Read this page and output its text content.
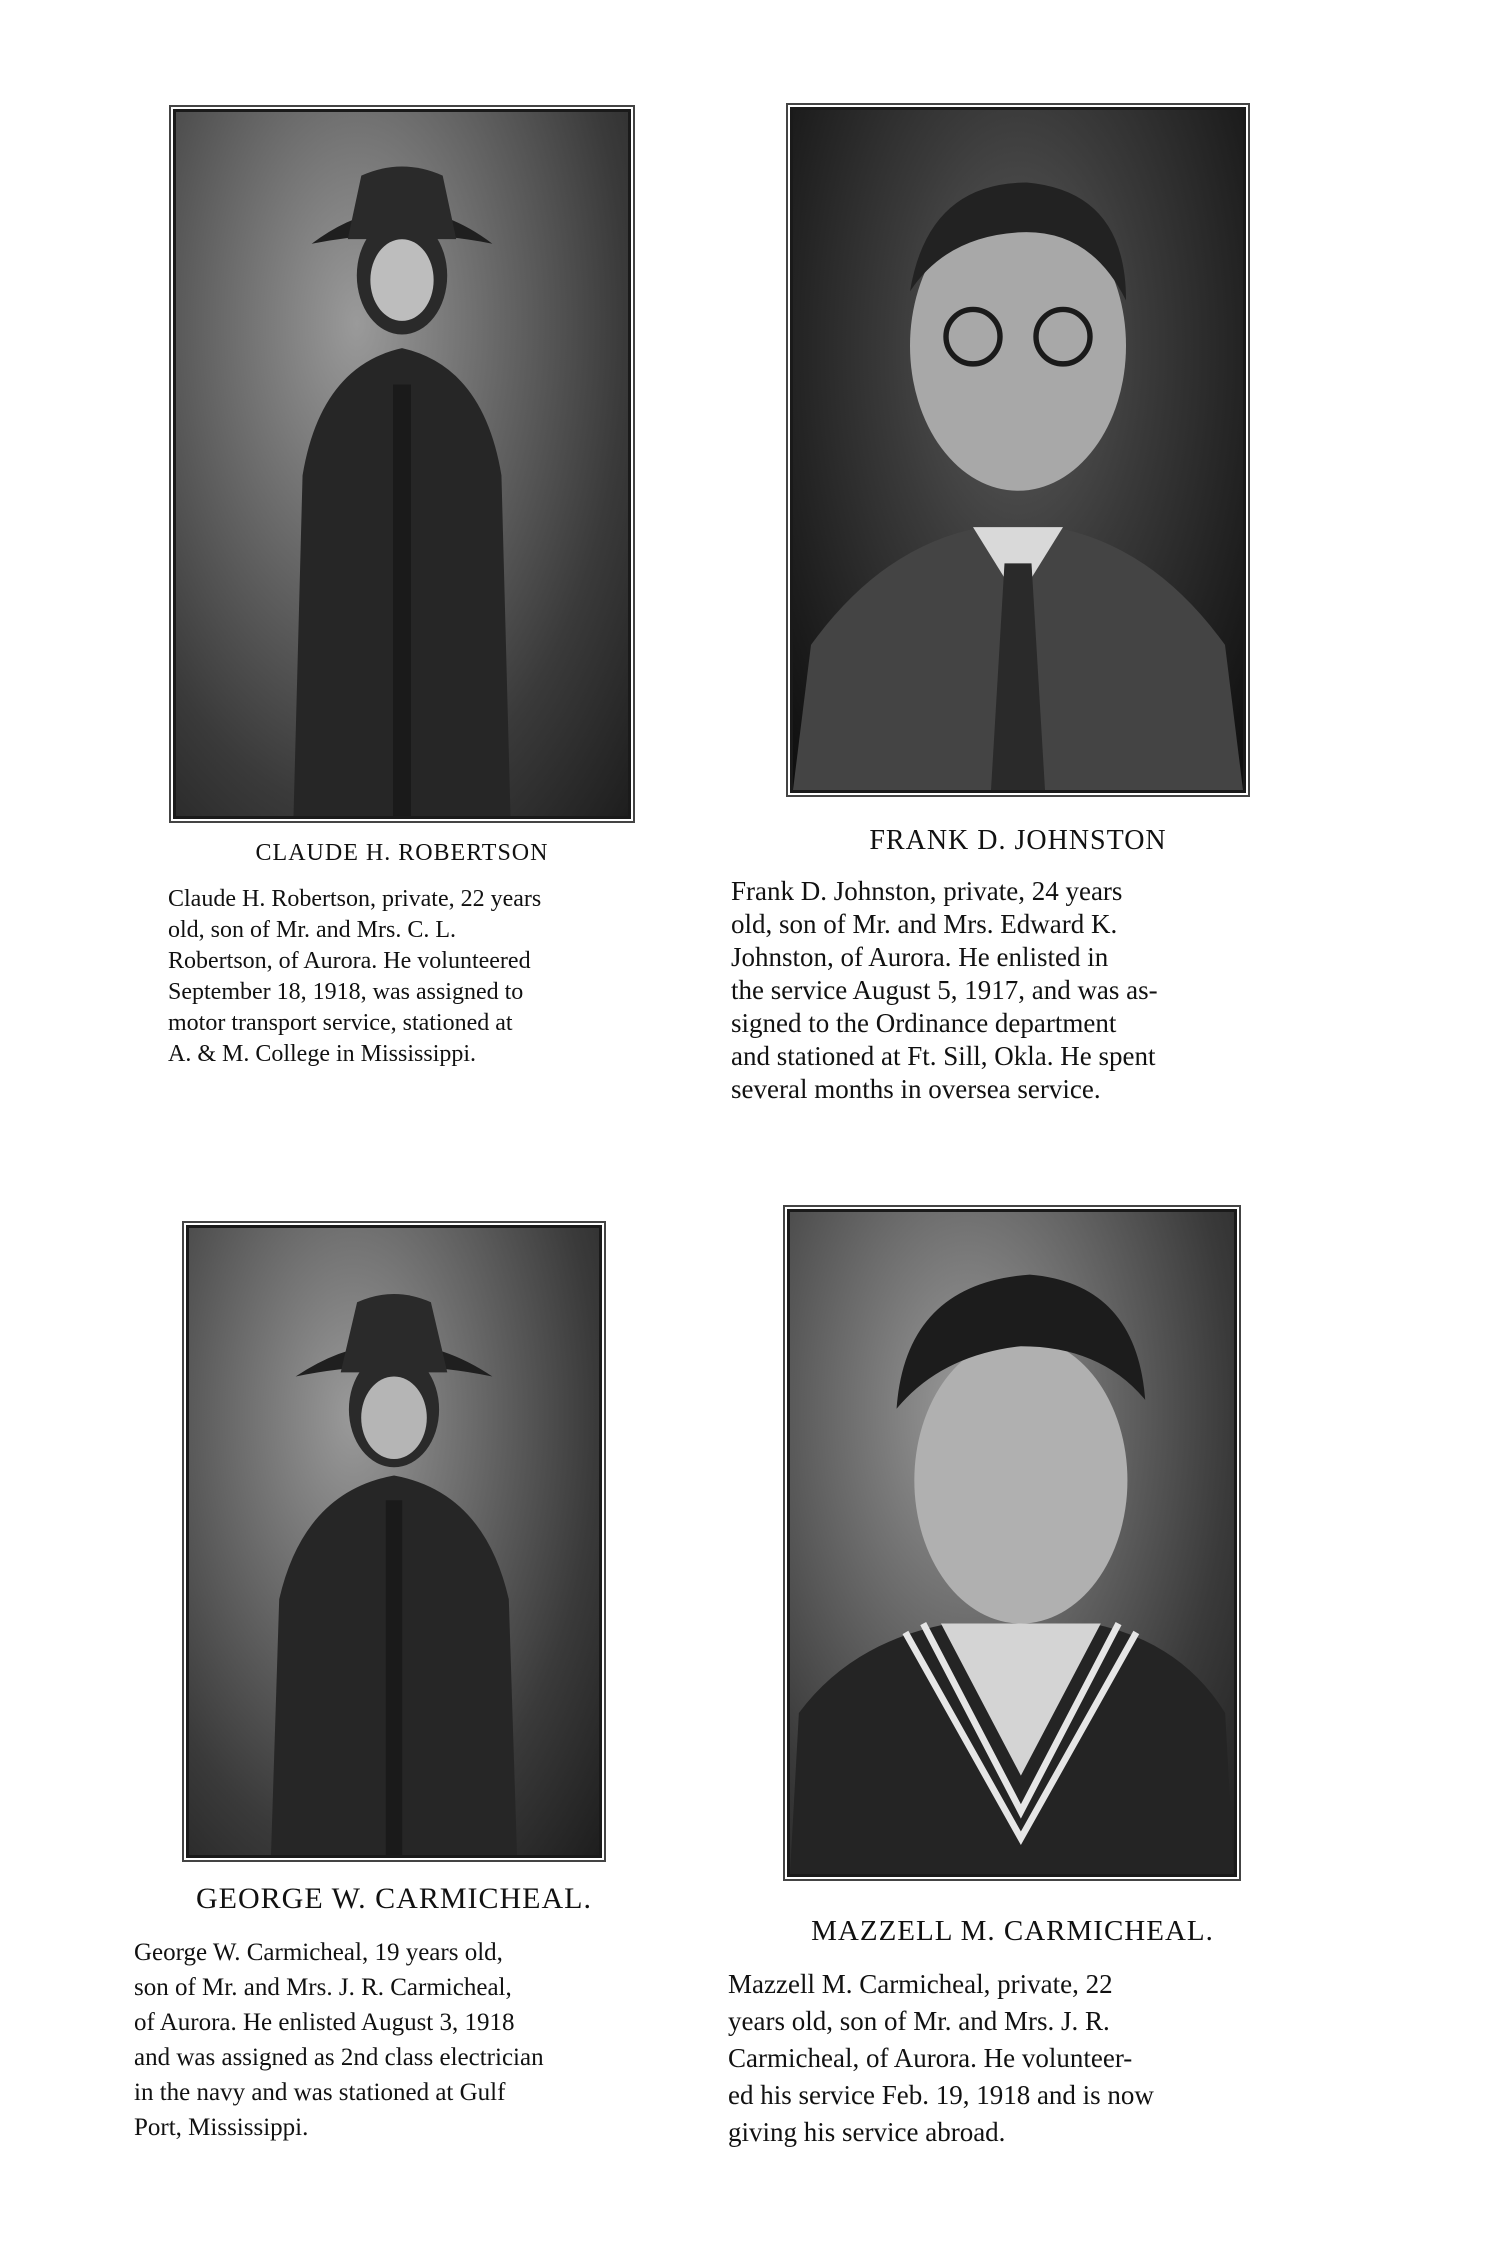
CLAUDE H. ROBERTSON

Claude H. Robertson, private, 22 years
old, son of Mr. and Mrs. C. L.
Robertson, of Aurora. He volunteered
September 18, 1918, was assigned to
motor transport service, stationed at
A. & M. College in Mississippi.

FRANK D. JOHNSTON

Frank D. Johnston, private, 24 years
old, son of Mr. and Mrs. Edward K.
Johnston, of Aurora. He enlisted in
the service August 5, 1917, and was as-
signed to the Ordinance department
and stationed at Ft. Sill, Okla. He spent
several months in oversea service.

GEORGE W. CARMICHEAL.

George W. Carmicheal, 19 years old,
son of Mr. and Mrs. J. R. Carmicheal,
of Aurora. He enlisted August 3, 1918
and was assigned as 2nd class electrician
in the navy and was stationed at Gulf
Port, Mississippi.

MAZZELL M. CARMICHEAL.

Mazzell M. Carmicheal, private, 22
years old, son of Mr. and Mrs. J. R.
Carmicheal, of Aurora. He volunteer-
ed his service Feb. 19, 1918 and is now
giving his service abroad.
